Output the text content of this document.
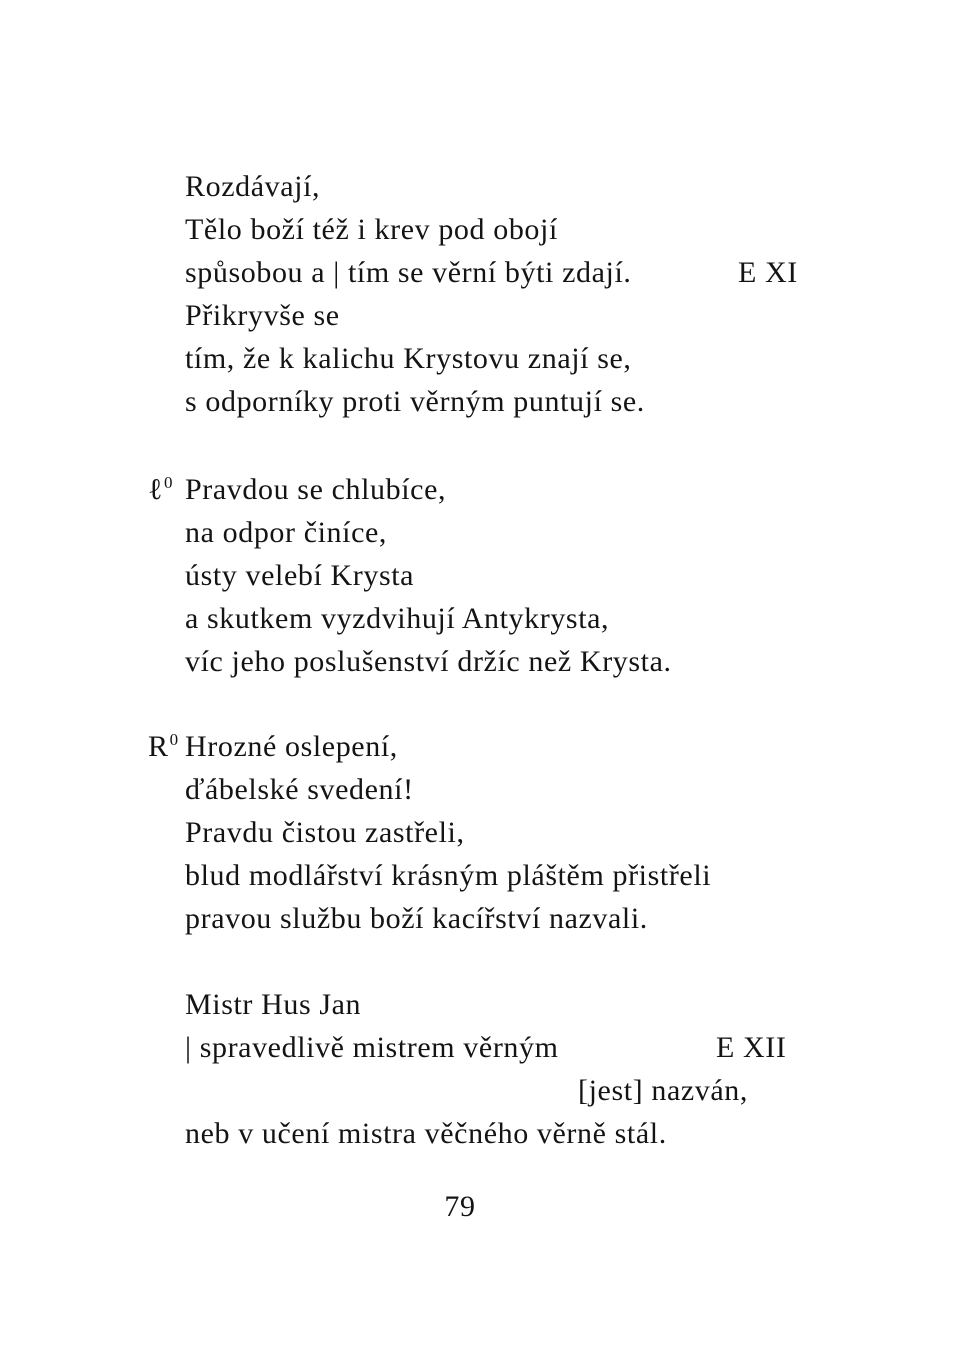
Rozdávají,
Tělo boží též i krev pod obojí
spůsobou a | tím se věrní býti zdají.	E XI
Přikryvše se
tím, že k kalichu Krystovu znají se,
s odporníky proti věrným puntují se.
ℓ$^0$ Pravdou se chlubíce,
na odpor činíce,
ústy velebí Krysta
a skutkem vyzdvihují Antykrysta,
víc jeho poslušenství držíc než Krysta.
$R^0$ Hrozné oslepení,
ďábelské svedení!
Pravdu čistou zastřeli,
blud modlářství krásným pláštěm přistřeli
pravou službu boží kacířství nazvali.
Mistr Hus Jan
| spravedlivě mistrem věrným	E XII
[jest] nazván,
neb v učení mistra věčného věrně stál.
79
